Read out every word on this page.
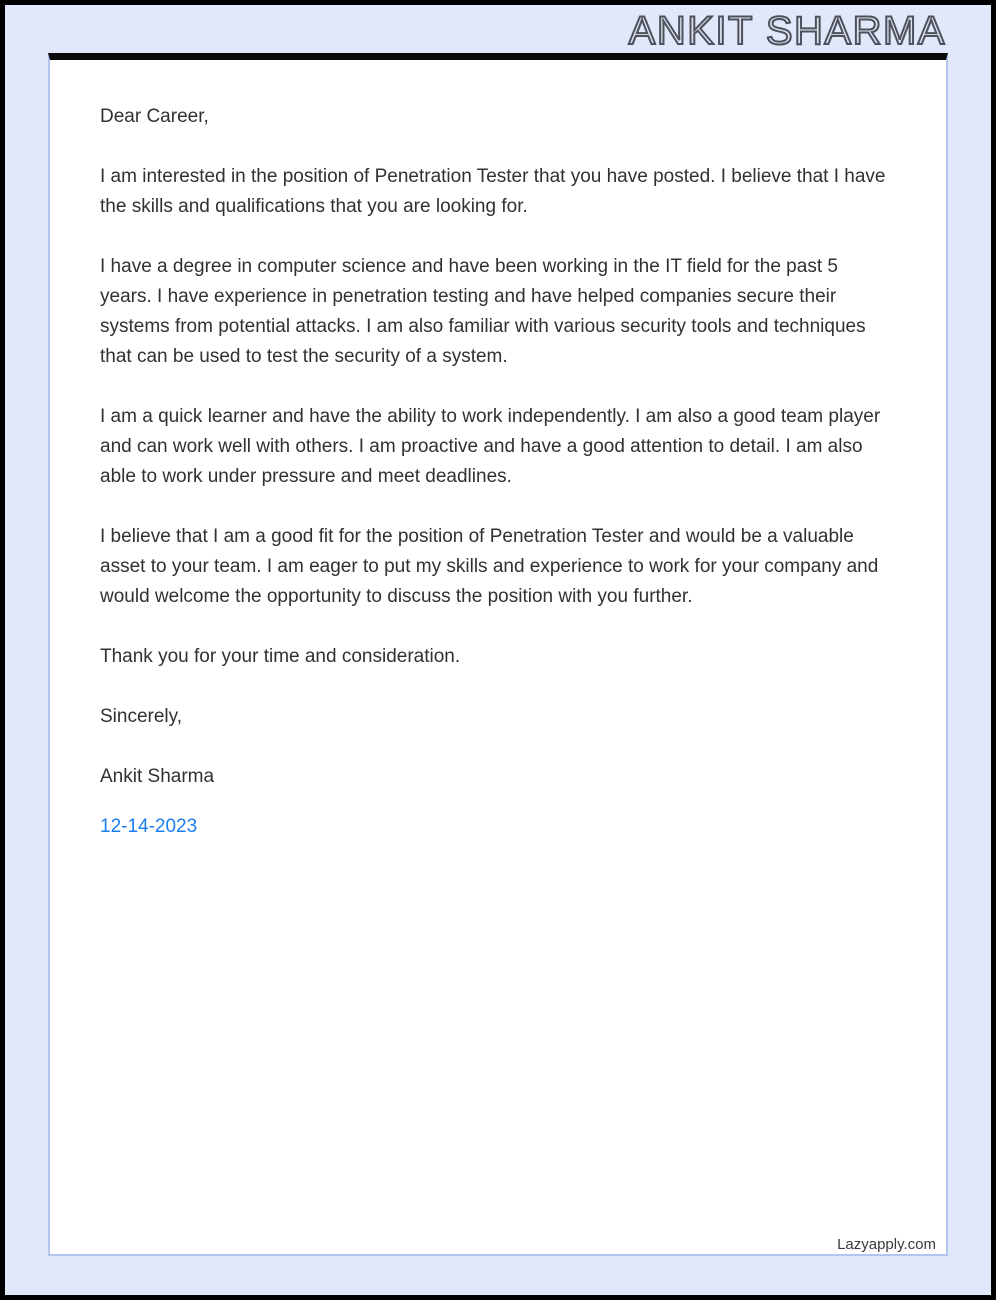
ANKIT SHARMA

Dear Career,

I am interested in the position of Penetration Tester that you have posted. I believe that I have the skills and qualifications that you are looking for.

I have a degree in computer science and have been working in the IT field for the past 5 years. I have experience in penetration testing and have helped companies secure their systems from potential attacks. I am also familiar with various security tools and techniques that can be used to test the security of a system.

I am a quick learner and have the ability to work independently. I am also a good team player and can work well with others. I am proactive and have a good attention to detail. I am also able to work under pressure and meet deadlines.

I believe that I am a good fit for the position of Penetration Tester and would be a valuable asset to your team. I am eager to put my skills and experience to work for your company and would welcome the opportunity to discuss the position with you further.

Thank you for your time and consideration.

Sincerely,

Ankit Sharma

12-14-2023
Lazyapply.com
